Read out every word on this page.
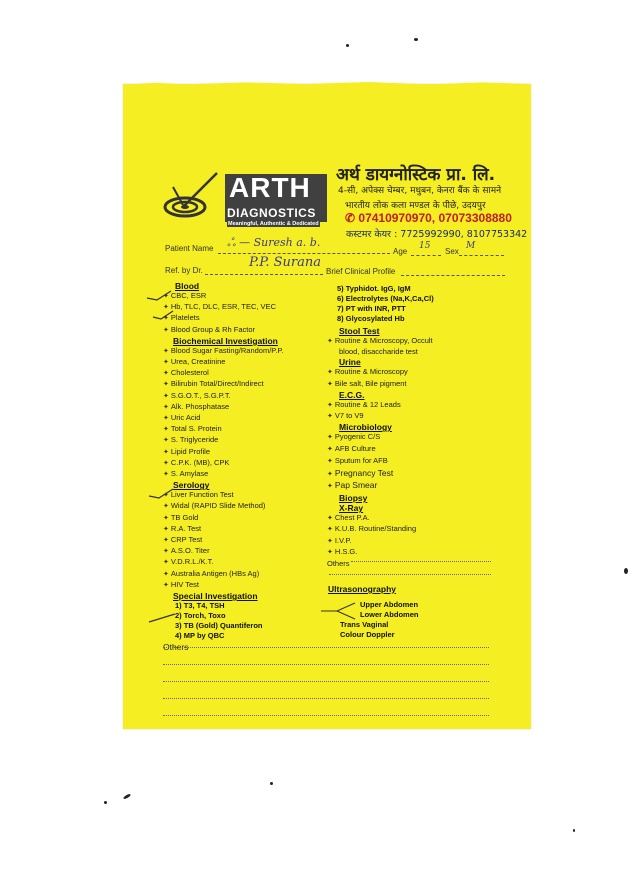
ARTH
DIAGNOSTICS
Meaningful, Authentic & Dedicated
अर्थ डायग्नोस्टिक प्रा. लि.
4-सी, अपेक्स चेम्बर, मधुबन, केनरा बैंक के सामने
भारतीय लोक कला मण्डल के पीछे, उदयपुर
✆ 07410970970, 07073308880
कस्टमर केयर : 7725992990, 8107753342
Patient Name ஃ — Suresh a. b.
Age
15
Sex
M
Ref. by Dr.
P.P. Surana
Brief Clinical Profile
Blood
✦ CBC, ESR
✦ Hb, TLC, DLC, ESR, TEC, VEC
✦ Platelets
✦ Blood Group & Rh Factor
Biochemical Investigation
✦ Blood Sugar Fasting/Random/P.P.
✦ Urea, Creatinine
✦ Cholesterol
✦ Bilirubin Total/Direct/Indirect
✦ S.G.O.T., S.G.P.T.
✦ Alk. Phosphatase
✦ Uric Acid
✦ Total S. Protein
✦ S. Triglyceride
✦ Lipid Profile
✦ C.P.K. (MB), CPK
✦ S. Amylase
Serology
✦ Liver Function Test
✦ Widal (RAPID Slide Method)
✦ TB Gold
✦ R.A. Test
✦ CRP Test
✦ A.S.O. Titer
✦ V.D.R.L./K.T.
✦ Australia Antigen (HBs Ag)
✦ HIV Test
Special Investigation
1) T3, T4, TSH
2) Torch, Toxo
3) TB (Gold) Quantiferon
4) MP by QBC
Others
5) Typhidot. IgG, IgM
6) Electrolytes (Na,K,Ca,Cl)
7) PT with INR, PTT
8) Glycosylated Hb
Stool Test
✦ Routine & Microscopy, Occult
blood, disaccharide test
Urine
✦ Routine & Microscopy
✦ Bile salt, Bile pigment
E.C.G.
✦ Routine & 12 Leads
✦ V7 to V9
Microbiology
✦ Pyogenic C/S
✦ AFB Culture
✦ Sputum for AFB
✦ Pregnancy Test
✦ Pap Smear
Biopsy
X-Ray
✦ Chest P.A.
✦ K.U.B. Routine/Standing
✦ I.V.P.
✦ H.S.G.
Others
Ultrasonography
Upper Abdomen
Lower Abdomen
Trans Vaginal
Colour Doppler
